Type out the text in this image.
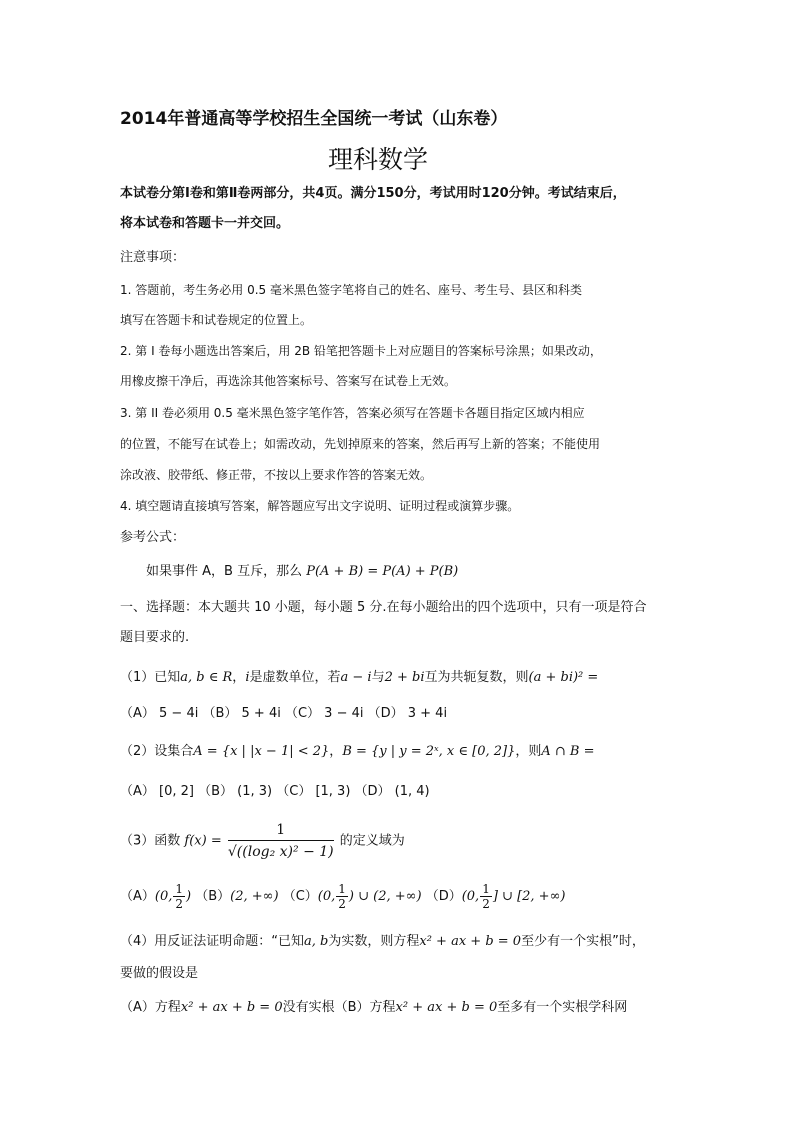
2014年普通高等学校招生全国统一考试（山东卷）
理科数学
本试卷分第Ⅰ卷和第Ⅱ卷两部分，共4页。满分150分，考试用时120分钟。考试结束后，
将本试卷和答题卡一并交回。
注意事项：
1. 答题前，考生务必用 0.5 毫米黑色签字笔将自己的姓名、座号、考生号、县区和科类
填写在答题卡和试卷规定的位置上。
2. 第 I 卷每小题选出答案后，用 2B 铅笔把答题卡上对应题目的答案标号涂黑；如果改动，
用橡皮擦干净后，再选涂其他答案标号、答案写在试卷上无效。
3. 第 II 卷必须用 0.5 毫米黑色签字笔作答，答案必须写在答题卡各题目指定区域内相应
的位置，不能写在试卷上；如需改动，先划掉原来的答案，然后再写上新的答案；不能使用
涂改液、胶带纸、修正带，不按以上要求作答的答案无效。
4. 填空题请直接填写答案，解答题应写出文字说明、证明过程或演算步骤。
参考公式：
如果事件 A，B 互斥，那么 P(A + B) = P(A) + P(B)
一、选择题：本大题共 10 小题，每小题 5 分.在每小题给出的四个选项中，只有一项是符合
题目要求的.
（1）已知a, b ∈ R，i是虚数单位，若a − i与2 + bi互为共轭复数，则(a + bi)² =
（A） 5 − 4i （B） 5 + 4i （C） 3 − 4i （D） 3 + 4i
（2）设集合A = {x | |x − 1| < 2}，B = {y | y = 2ˣ, x ∈ [0, 2]}，则A ∩ B =
（A） [0, 2] （B） (1, 3) （C） [1, 3) （D） (1, 4)
（3）函数 $f(x) = \frac{1}{\text{√((log₂ x)² − 1)}}$ 的定义域为
（A）(0, $\frac{1}{2}$ ) （B）(2, +∞) （C）(0, $\frac{1}{2}$ ) ∪ (2, +∞) （D）(0, $\frac{1}{2}$ ] ∪ [2, +∞)
（4）用反证法证明命题：“已知a, b为实数，则方程x² + ax + b = 0至少有一个实根”时，
要做的假设是
（A）方程x² + ax + b = 0没有实根（B）方程x² + ax + b = 0至多有一个实根学科网
